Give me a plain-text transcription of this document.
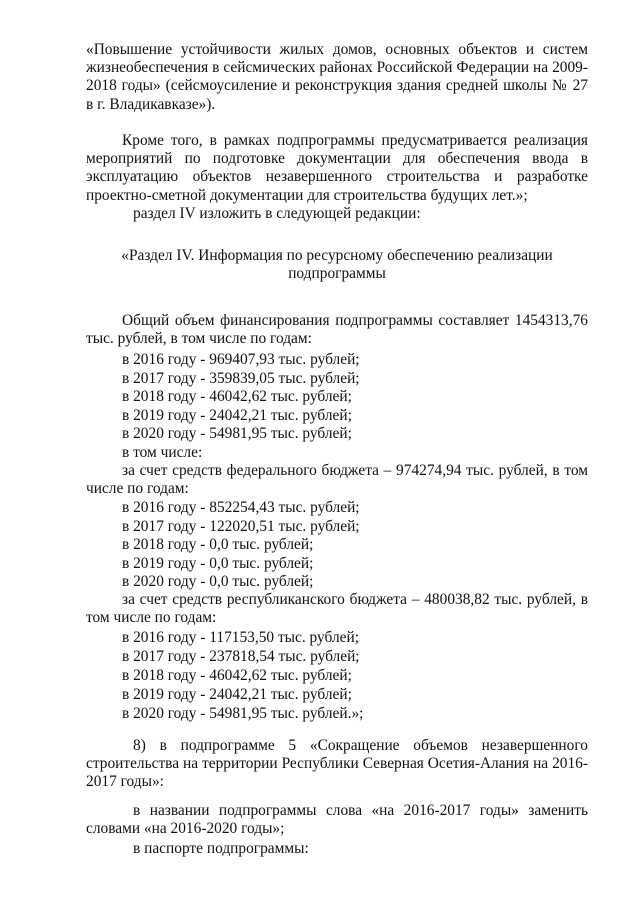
«Повышение устойчивости жилых домов, основных объектов и систем жизнеобеспечения в сейсмических районах Российской Федерации на 2009-2018 годы» (сейсмоусиление и реконструкция здания средней школы № 27 в г. Владикавказе»).

Кроме того, в рамках подпрограммы предусматривается реализация мероприятий по подготовке документации для обеспечения ввода в эксплуатацию объектов незавершенного строительства и разработке проектно-сметной документации для строительства будущих лет.»;

раздел IV изложить в следующей редакции:

«Раздел IV. Информация по ресурсному обеспечению реализации подпрограммы

Общий объем финансирования подпрограммы составляет 1454313,76 тыс. рублей, в том числе по годам:

в 2016 году - 969407,93 тыс. рублей;
в 2017 году - 359839,05 тыс. рублей;
в 2018 году - 46042,62 тыс. рублей;
в 2019 году - 24042,21 тыс. рублей;
в 2020 году - 54981,95 тыс. рублей;
в том числе:

за счет средств федерального бюджета – 974274,94 тыс. рублей, в том числе по годам:

в 2016 году - 852254,43 тыс. рублей;
в 2017 году - 122020,51 тыс. рублей;
в 2018 году - 0,0 тыс. рублей;
в 2019 году - 0,0 тыс. рублей;
в 2020 году - 0,0 тыс. рублей;

за счет средств республиканского бюджета – 480038,82 тыс. рублей, в том числе по годам:

в 2016 году - 117153,50 тыс. рублей;
в 2017 году - 237818,54 тыс. рублей;
в 2018 году - 46042,62 тыс. рублей;
в 2019 году - 24042,21 тыс. рублей;
в 2020 году - 54981,95 тыс. рублей.»;

8) в подпрограмме 5 «Сокращение объемов незавершенного строительства на территории Республики Северная Осетия-Алания на 2016-2017 годы»:

в названии подпрограммы слова «на 2016-2017 годы» заменить словами «на 2016-2020 годы»;

в паспорте подпрограммы:
